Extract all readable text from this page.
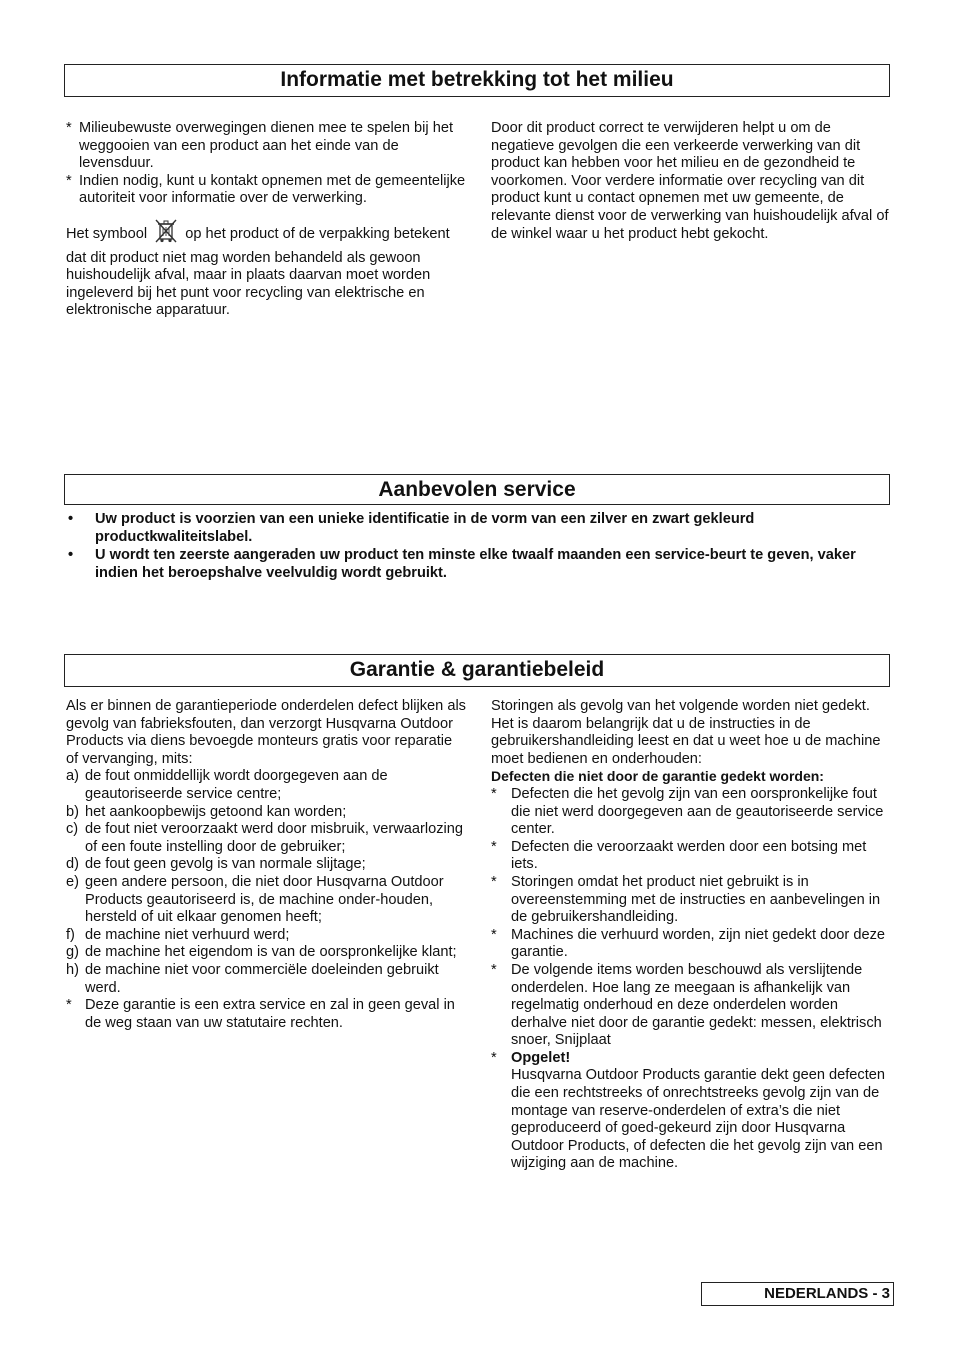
Informatie met betrekking tot het milieu
* Milieubewuste overwegingen dienen mee te spelen bij het weggooien van een product aan het einde van de levensduur.
* Indien nodig, kunt u kontakt opnemen met de gemeentelijke autoriteit voor informatie over de verwerking.

Het symbool	op het product of de verpakking betekent dat dit product niet mag worden behandeld als gewoon huishoudelijk afval, maar in plaats daarvan moet worden ingeleverd bij het punt voor recycling van elektrische en elektronische apparatuur.

Door dit product correct te verwijderen helpt u om de negatieve gevolgen die een verkeerde verwerking van dit product kan hebben voor het milieu en de gezondheid te voorkomen. Voor verdere informatie over recycling van dit product kunt u contact opnemen met uw gemeente, de relevante dienst voor de verwerking van huishoudelijk afval of de winkel waar u het product hebt gekocht.

Aanbevolen service
•	Uw product is voorzien van een unieke identificatie in de vorm van een zilver en zwart gekleurd productkwaliteitslabel.
•	U wordt ten zeerste aangeraden uw product ten minste elke twaalf maanden een service-beurt te geven, vaker indien het beroepshalve veelvuldig wordt gebruikt.
Garantie & garantiebeleid

Als er binnen de garantieperiode onderdelen defect blijken als gevolg van fabrieksfouten, dan verzorgt Husqvarna Outdoor Products via diens bevoegde monteurs gratis voor reparatie of vervanging, mits:

a) de fout onmiddellijk wordt doorgegeven aan de geautoriseerde service centre;
b) het aankoopbewijs getoond kan worden;
c) de fout niet veroorzaakt werd door misbruik, verwaarlozing of een foute instelling door de gebruiker;
d) de fout geen gevolg is van normale slijtage;
e) geen andere persoon, die niet door Husqvarna Outdoor Products geautoriseerd is, de machine onder-houden, hersteld of uit elkaar genomen heeft;
f) de machine niet verhuurd werd;
g) de machine het eigendom is van de oorspronkelijke klant;
h) de machine niet voor commerciële doeleinden gebruikt werd.
* Deze garantie is een extra service en zal in geen geval in de weg staan van uw statutaire rechten.

Storingen als gevolg van het volgende worden niet gedekt. Het is daarom belangrijk dat u de instructies in de gebruikershandleiding leest en dat u weet hoe u de machine moet bedienen en onderhouden:

Defecten die niet door de garantie gedekt worden:

* Defecten die het gevolg zijn van een oorspronkelijke fout die niet werd doorgegeven aan de geautoriseerde service center.
* Defecten die veroorzaakt werden door een botsing met iets.
* Storingen omdat het product niet gebruikt is in overeenstemming met de instructies en aanbevelingen in de gebruikershandleiding.
* Machines die verhuurd worden, zijn niet gedekt door deze garantie.
* De volgende items worden beschouwd als verslijtende onderdelen. Hoe lang ze meegaan is afhankelijk van regelmatig onderhoud en deze onderdelen worden derhalve niet door de garantie gedekt: messen, elektrisch snoer, Snijplaat
* Opgelet!
Husqvarna Outdoor Products garantie dekt geen defecten die een rechtstreeks of onrechtstreeks gevolg zijn van de montage van reserve-onderdelen of extra’s die niet geproduceerd of goed-gekeurd zijn door Husqvarna Outdoor Products, of defecten die het gevolg zijn van een wijziging aan de machine.
NEDERLANDS - 3
